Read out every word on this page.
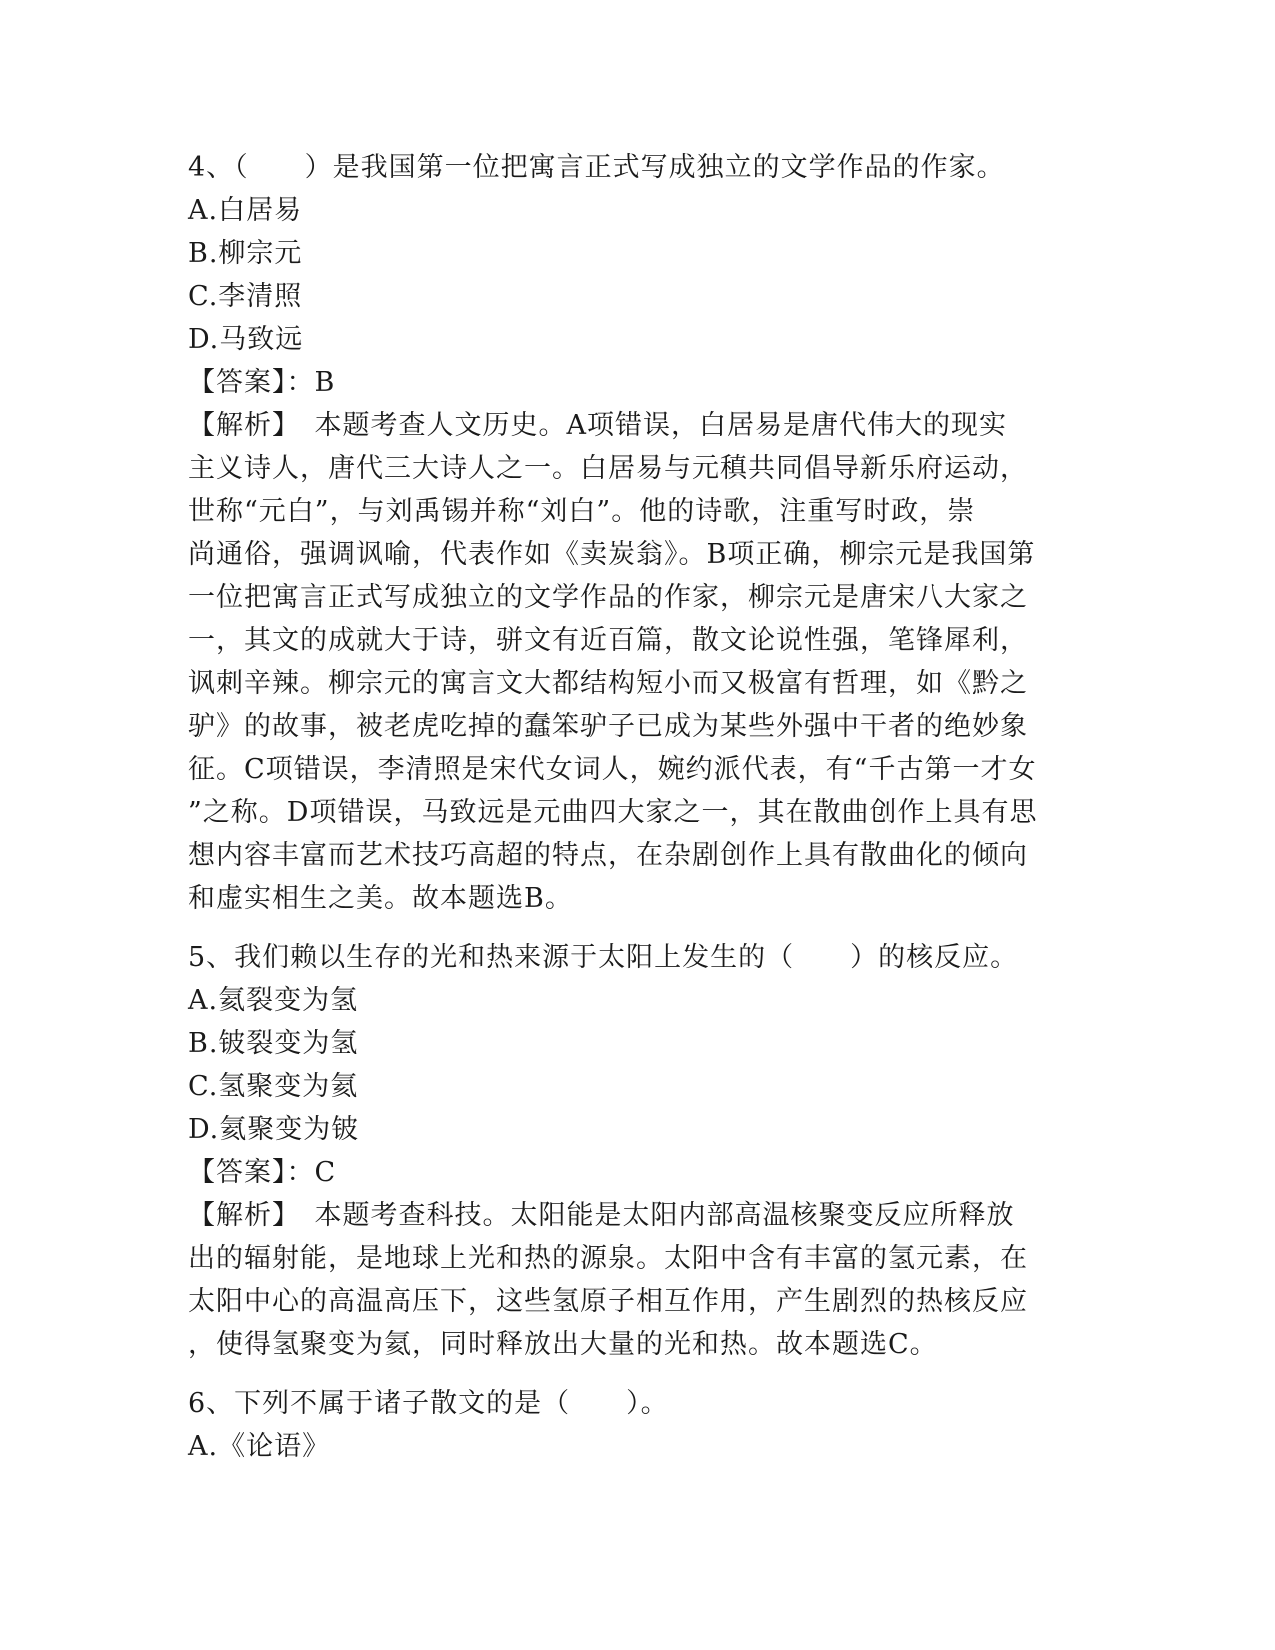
4、（　　）是我国第一位把寓言正式写成独立的文学作品的作家。
A.白居易
B.柳宗元
C.李清照
D.马致远
【答案】：B
【解析】　本题考查人文历史。A项错误，白居易是唐代伟大的现实
主义诗人，唐代三大诗人之一。白居易与元稹共同倡导新乐府运动，
世称“元白”，与刘禹锡并称“刘白”。他的诗歌，注重写时政，崇
尚通俗，强调讽喻，代表作如《卖炭翁》。B项正确，柳宗元是我国第
一位把寓言正式写成独立的文学作品的作家，柳宗元是唐宋八大家之
一，其文的成就大于诗，骈文有近百篇，散文论说性强，笔锋犀利，
讽刺辛辣。柳宗元的寓言文大都结构短小而又极富有哲理，如《黔之
驴》的故事，被老虎吃掉的蠢笨驴子已成为某些外强中干者的绝妙象
征。C项错误，李清照是宋代女词人，婉约派代表，有“千古第一才女
”之称。D项错误，马致远是元曲四大家之一，其在散曲创作上具有思
想内容丰富而艺术技巧高超的特点，在杂剧创作上具有散曲化的倾向
和虚实相生之美。故本题选B。
5、我们赖以生存的光和热来源于太阳上发生的（　　）的核反应。
A.氦裂变为氢
B.铍裂变为氢
C.氢聚变为氦
D.氦聚变为铍
【答案】：C
【解析】　本题考查科技。太阳能是太阳内部高温核聚变反应所释放
出的辐射能，是地球上光和热的源泉。太阳中含有丰富的氢元素，在
太阳中心的高温高压下，这些氢原子相互作用，产生剧烈的热核反应
，使得氢聚变为氦，同时释放出大量的光和热。故本题选C。
6、下列不属于诸子散文的是（　　）。
A.《论语》
